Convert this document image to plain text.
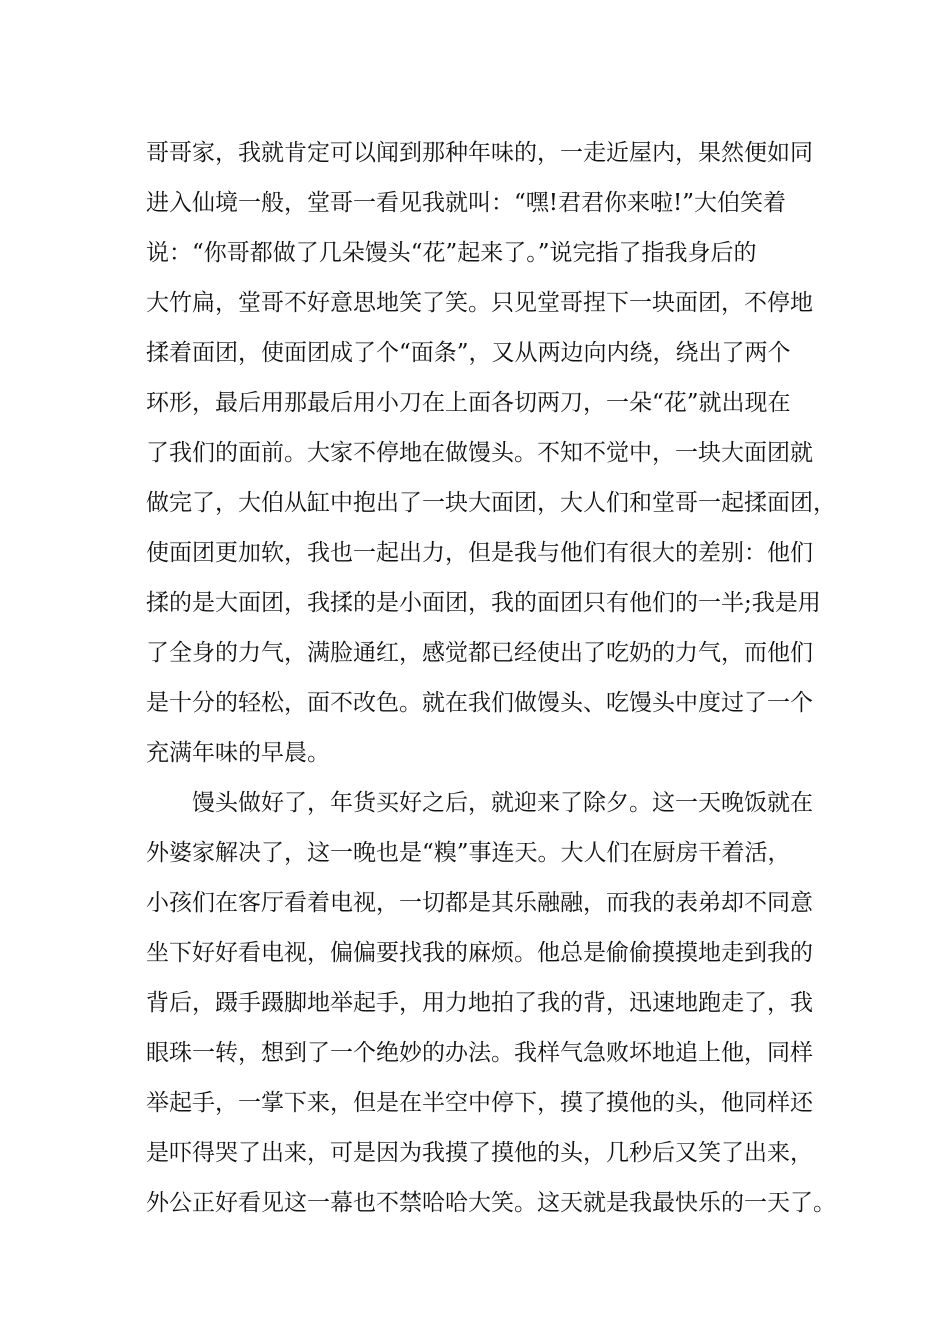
哥哥家，我就肯定可以闻到那种年味的，一走近屋内，果然便如同
进入仙境一般，堂哥一看见我就叫：“嘿!君君你来啦!”大伯笑着
说：“你哥都做了几朵馒头“花”起来了。”说完指了指我身后的
大竹扁，堂哥不好意思地笑了笑。只见堂哥捏下一块面团，不停地
揉着面团，使面团成了个“面条”，又从两边向内绕，绕出了两个
环形，最后用那最后用小刀在上面各切两刀，一朵“花”就出现在
了我们的面前。大家不停地在做馒头。不知不觉中，一块大面团就
做完了，大伯从缸中抱出了一块大面团，大人们和堂哥一起揉面团，
使面团更加软，我也一起出力，但是我与他们有很大的差别：他们
揉的是大面团，我揉的是小面团，我的面团只有他们的一半;我是用
了全身的力气，满脸通红，感觉都已经使出了吃奶的力气，而他们
是十分的轻松，面不改色。就在我们做馒头、吃馒头中度过了一个
充满年味的早晨。
　　馒头做好了，年货买好之后，就迎来了除夕。这一天晚饭就在
外婆家解决了，这一晚也是“糗”事连天。大人们在厨房干着活，
小孩们在客厅看着电视，一切都是其乐融融，而我的表弟却不同意
坐下好好看电视，偏偏要找我的麻烦。他总是偷偷摸摸地走到我的
背后，蹑手蹑脚地举起手，用力地拍了我的背，迅速地跑走了，我
眼珠一转，想到了一个绝妙的办法。我样气急败坏地追上他，同样
举起手，一掌下来，但是在半空中停下，摸了摸他的头，他同样还
是吓得哭了出来，可是因为我摸了摸他的头，几秒后又笑了出来，
外公正好看见这一幕也不禁哈哈大笑。这天就是我最快乐的一天了。
